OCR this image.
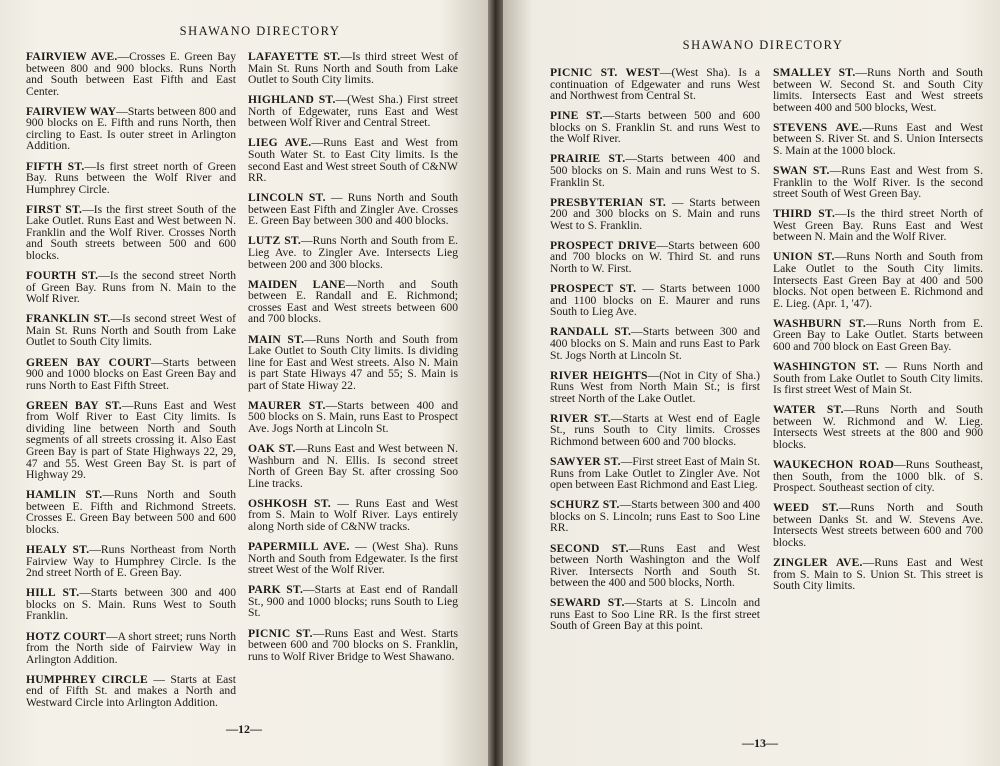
SHAWANO DIRECTORY

FAIRVIEW AVE.—Crosses E. Green Bay between 800 and 900 blocks. Runs North and South between East Fifth and East Center.

FAIRVIEW WAY—Starts between 800 and 900 blocks on E. Fifth and runs North, then circling to East. Is outer street in Arlington Addition.

FIFTH ST.—Is first street north of Green Bay. Runs between the Wolf River and Humphrey Circle.

FIRST ST.—Is the first street South of the Lake Outlet. Runs East and West between N. Franklin and the Wolf River. Crosses North and South streets between 500 and 600 blocks.

FOURTH ST.—Is the second street North of Green Bay. Runs from N. Main to the Wolf River.

FRANKLIN ST.—Is second street West of Main St. Runs North and South from Lake Outlet to South City limits.

GREEN BAY COURT—Starts between 900 and 1000 blocks on East Green Bay and runs North to East Fifth Street.

GREEN BAY ST.—Runs East and West from Wolf River to East City limits. Is dividing line between North and South segments of all streets crossing it. Also East Green Bay is part of State Highways 22, 29, 47 and 55. West Green Bay St. is part of Highway 29.

HAMLIN ST.—Runs North and South between E. Fifth and Richmond Streets. Crosses E. Green Bay between 500 and 600 blocks.

HEALY ST.—Runs Northeast from North Fairview Way to Humphrey Circle. Is the 2nd street North of E. Green Bay.

HILL ST.—Starts between 300 and 400 blocks on S. Main. Runs West to South Franklin.

HOTZ COURT—A short street; runs North from the North side of Fairview Way in Arlington Addition.

HUMPHREY CIRCLE — Starts at East end of Fifth St. and makes a North and Westward Circle into Arlington Addition.

LAFAYETTE ST.—Is third street West of Main St. Runs North and South from Lake Outlet to South City limits.

HIGHLAND ST.—(West Sha.) First street North of Edgewater, runs East and West between Wolf River and Central Street.

LIEG AVE.—Runs East and West from South Water St. to East City limits. Is the second East and West street South of C&NW RR.

LINCOLN ST. — Runs North and South between East Fifth and Zingler Ave. Crosses E. Green Bay between 300 and 400 blocks.

LUTZ ST.—Runs North and South from E. Lieg Ave. to Zingler Ave. Intersects Lieg between 200 and 300 blocks.

MAIDEN LANE—North and South between E. Randall and E. Richmond; crosses East and West streets between 600 and 700 blocks.

MAIN ST.—Runs North and South from Lake Outlet to South City limits. Is dividing line for East and West streets. Also N. Main is part State Hiways 47 and 55; S. Main is part of State Hiway 22.

MAURER ST.—Starts between 400 and 500 blocks on S. Main, runs East to Prospect Ave. Jogs North at Lincoln St.

OAK ST.—Runs East and West between N. Washburn and N. Ellis. Is second street North of Green Bay St. after crossing Soo Line tracks.

OSHKOSH ST. — Runs East and West from S. Main to Wolf River. Lays entirely along North side of C&NW tracks.

PAPERMILL AVE. — (West Sha). Runs North and South from Edgewater. Is the first street West of the Wolf River.

PARK ST.—Starts at East end of Randall St., 900 and 1000 blocks; runs South to Lieg St.

PICNIC ST.—Runs East and West. Starts between 600 and 700 blocks on S. Franklin, runs to Wolf River Bridge to West Shawano.

—12—
SHAWANO DIRECTORY

PICNIC ST. WEST—(West Sha). Is a continuation of Edgewater and runs West and Northwest from Central St.

PINE ST.—Starts between 500 and 600 blocks on S. Franklin St. and runs West to the Wolf River.

PRAIRIE ST.—Starts between 400 and 500 blocks on S. Main and runs West to S. Franklin St.

PRESBYTERIAN ST. — Starts between 200 and 300 blocks on S. Main and runs West to S. Franklin.

PROSPECT DRIVE—Starts between 600 and 700 blocks on W. Third St. and runs North to W. First.

PROSPECT ST. — Starts between 1000 and 1100 blocks on E. Maurer and runs South to Lieg Ave.

RANDALL ST.—Starts between 300 and 400 blocks on S. Main and runs East to Park St. Jogs North at Lincoln St.

RIVER HEIGHTS—(Not in City of Sha.) Runs West from North Main St.; is first street North of the Lake Outlet.

RIVER ST.—Starts at West end of Eagle St., runs South to City limits. Crosses Richmond between 600 and 700 blocks.

SAWYER ST.—First street East of Main St. Runs from Lake Outlet to Zingler Ave. Not open between East Richmond and East Lieg.

SCHURZ ST.—Starts between 300 and 400 blocks on S. Lincoln; runs East to Soo Line RR.

SECOND ST.—Runs East and West between North Washington and the Wolf River. Intersects North and South St. between the 400 and 500 blocks, North.

SEWARD ST.—Starts at S. Lincoln and runs East to Soo Line RR. Is the first street South of Green Bay at this point.

SMALLEY ST.—Runs North and South between W. Second St. and South City limits. Intersects East and West streets between 400 and 500 blocks, West.

STEVENS AVE.—Runs East and West between S. River St. and S. Union Intersects S. Main at the 1000 block.

SWAN ST.—Runs East and West from S. Franklin to the Wolf River. Is the second street South of West Green Bay.

THIRD ST.—Is the third street North of West Green Bay. Runs East and West between N. Main and the Wolf River.

UNION ST.—Runs North and South from Lake Outlet to the South City limits. Intersects East Green Bay at 400 and 500 blocks. Not open between E. Richmond and E. Lieg. (Apr. 1, '47).

WASHBURN ST.—Runs North from E. Green Bay to Lake Outlet. Starts between 600 and 700 block on East Green Bay.

WASHINGTON ST. — Runs North and South from Lake Outlet to South City limits. Is first street West of Main St.

WATER ST.—Runs North and South between W. Richmond and W. Lieg. Intersects West streets at the 800 and 900 blocks.

WAUKECHON ROAD—Runs Southeast, then South, from the 1000 blk. of S. Prospect. Southeast section of city.

WEED ST.—Runs North and South between Danks St. and W. Stevens Ave. Intersects West streets between 600 and 700 blocks.

ZINGLER AVE.—Runs East and West from S. Main to S. Union St. This street is South City limits.

—13—
